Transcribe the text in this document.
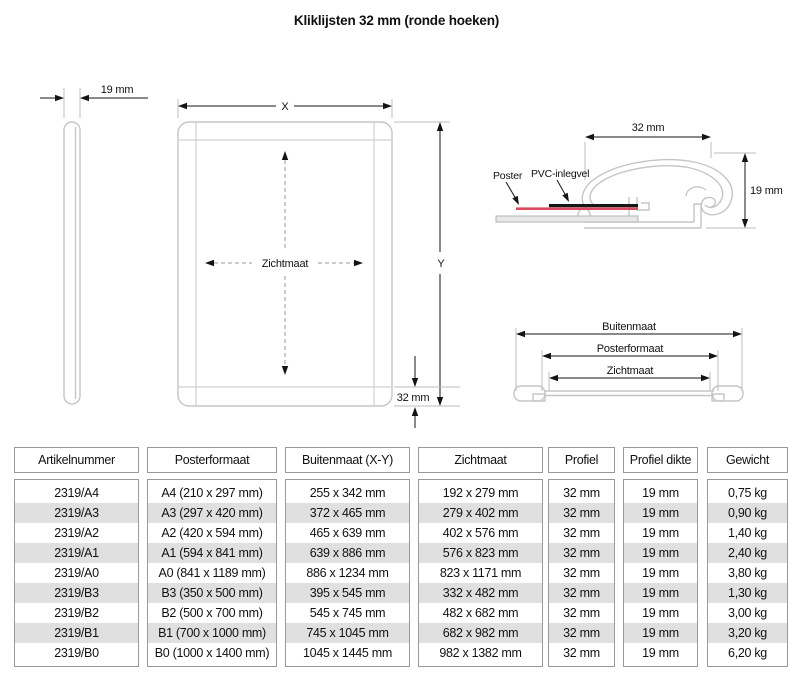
Kliklijsten 32 mm (ronde hoeken)
19 mm
X
Y
32 mm
Zichtmaat
32 mm
19 mm
Poster PVC-inlegvel
Buitenmaat
Posterformaat
Zichtmaat
Artikelnummer
2319/A4
2319/A3
2319/A2
2319/A1
2319/A0
2319/B3
2319/B2
2319/B1
2319/B0
Posterformaat
A4 (210 x 297 mm)
A3 (297 x 420 mm)
A2 (420 x 594 mm)
A1 (594 x 841 mm)
A0 (841 x 1189 mm)
B3 (350 x 500 mm)
B2 (500 x 700 mm)
B1 (700 x 1000 mm)
B0 (1000 x 1400 mm)
Buitenmaat (X-Y)
255 x 342 mm
372 x 465 mm
465 x 639 mm
639 x 886 mm
886 x 1234 mm
395 x 545 mm
545 x 745 mm
745 x 1045 mm
1045 x 1445 mm
Zichtmaat
192 x 279 mm
279 x 402 mm
402 x 576 mm
576 x 823 mm
823 x 1171 mm
332 x 482 mm
482 x 682 mm
682 x 982 mm
982 x 1382 mm
Profiel
32 mm
32 mm
32 mm
32 mm
32 mm
32 mm
32 mm
32 mm
32 mm
Profiel dikte
19 mm
19 mm
19 mm
19 mm
19 mm
19 mm
19 mm
19 mm
19 mm
Gewicht
0,75 kg
0,90 kg
1,40 kg
2,40 kg
3,80 kg
1,30 kg
3,00 kg
3,20 kg
6,20 kg
